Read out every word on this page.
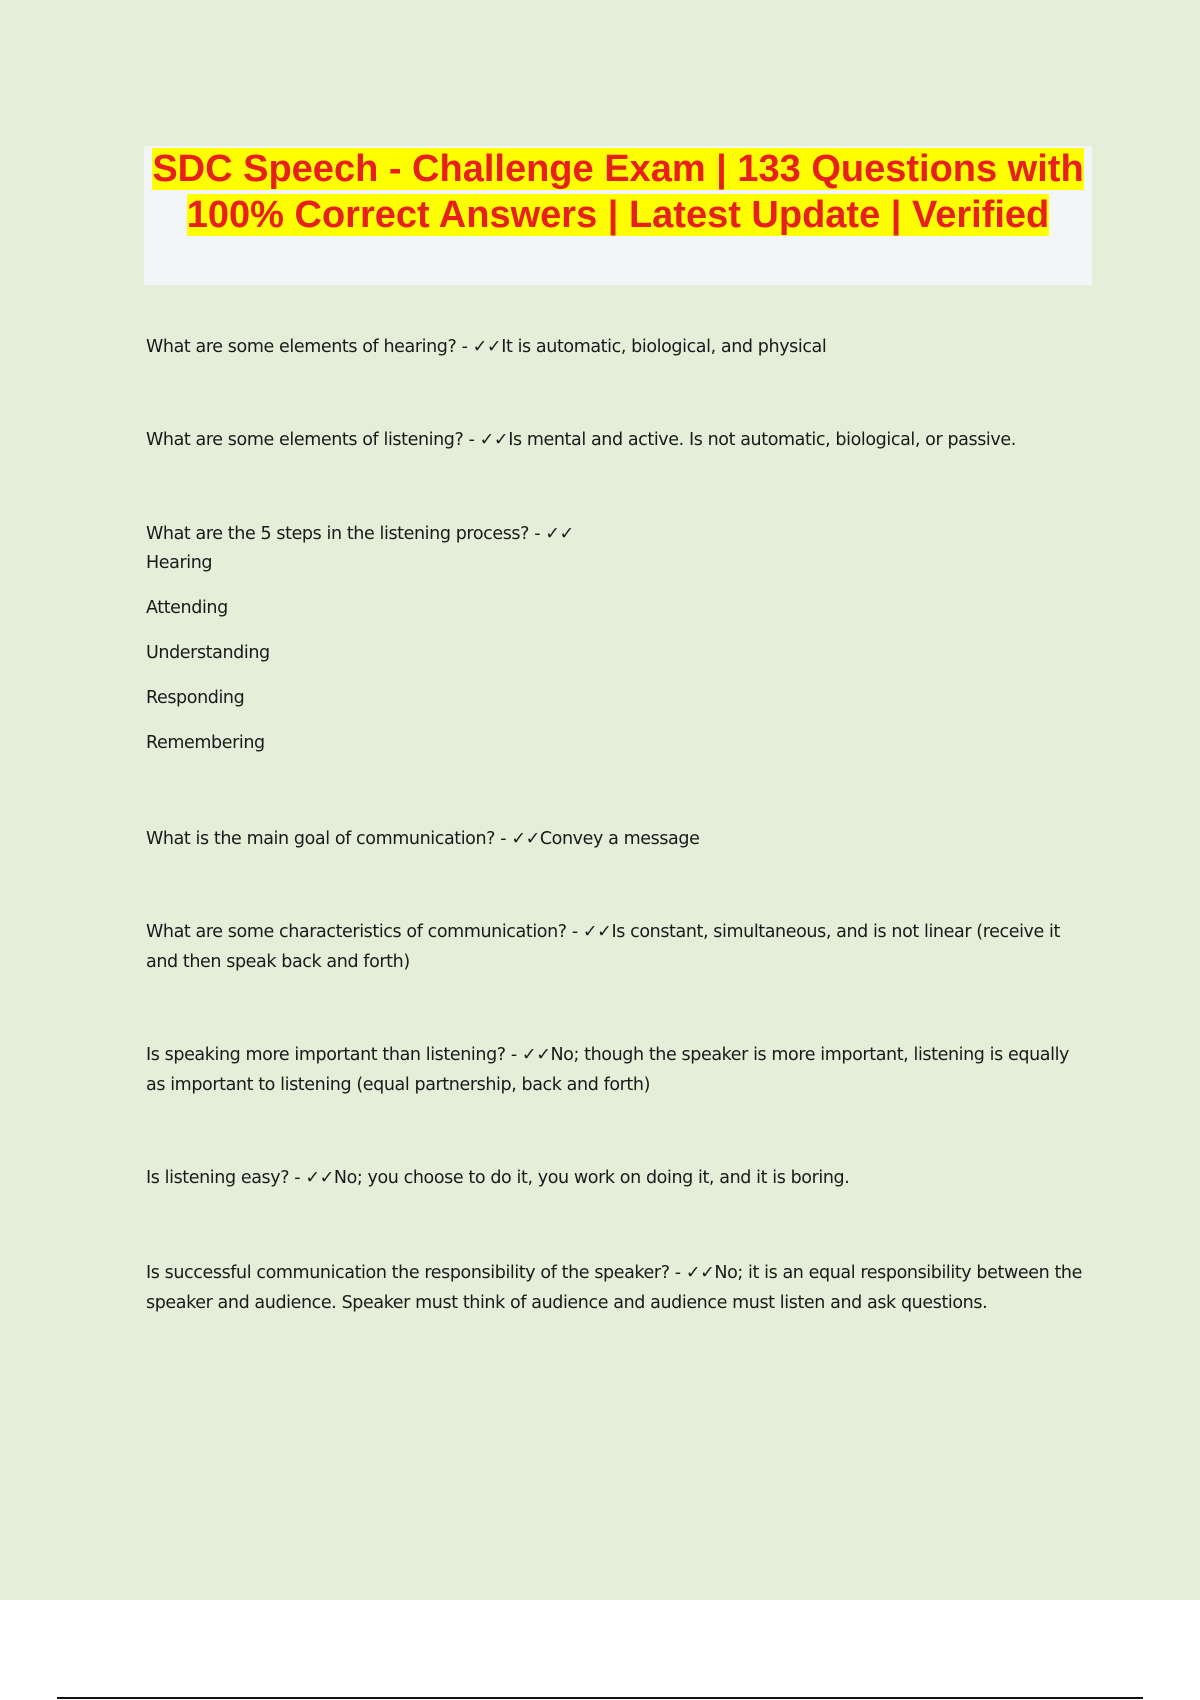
SDC Speech - Challenge Exam | 133 Questions with 100% Correct Answers | Latest Update | Verified

What are some elements of hearing? - ✓✓It is automatic, biological, and physical

What are some elements of listening? - ✓✓Is mental and active. Is not automatic, biological, or passive.

What are the 5 steps in the listening process? - ✓✓

Hearing
Attending
Understanding
Responding
Remembering

What is the main goal of communication? - ✓✓Convey a message

What are some characteristics of communication? - ✓✓Is constant, simultaneous, and is not linear (receive it and then speak back and forth)

Is speaking more important than listening? - ✓✓No; though the speaker is more important, listening is equally as important to listening (equal partnership, back and forth)

Is listening easy? - ✓✓No; you choose to do it, you work on doing it, and it is boring.

Is successful communication the responsibility of the speaker? - ✓✓No; it is an equal responsibility between the speaker and audience. Speaker must think of audience and audience must listen and ask questions.
